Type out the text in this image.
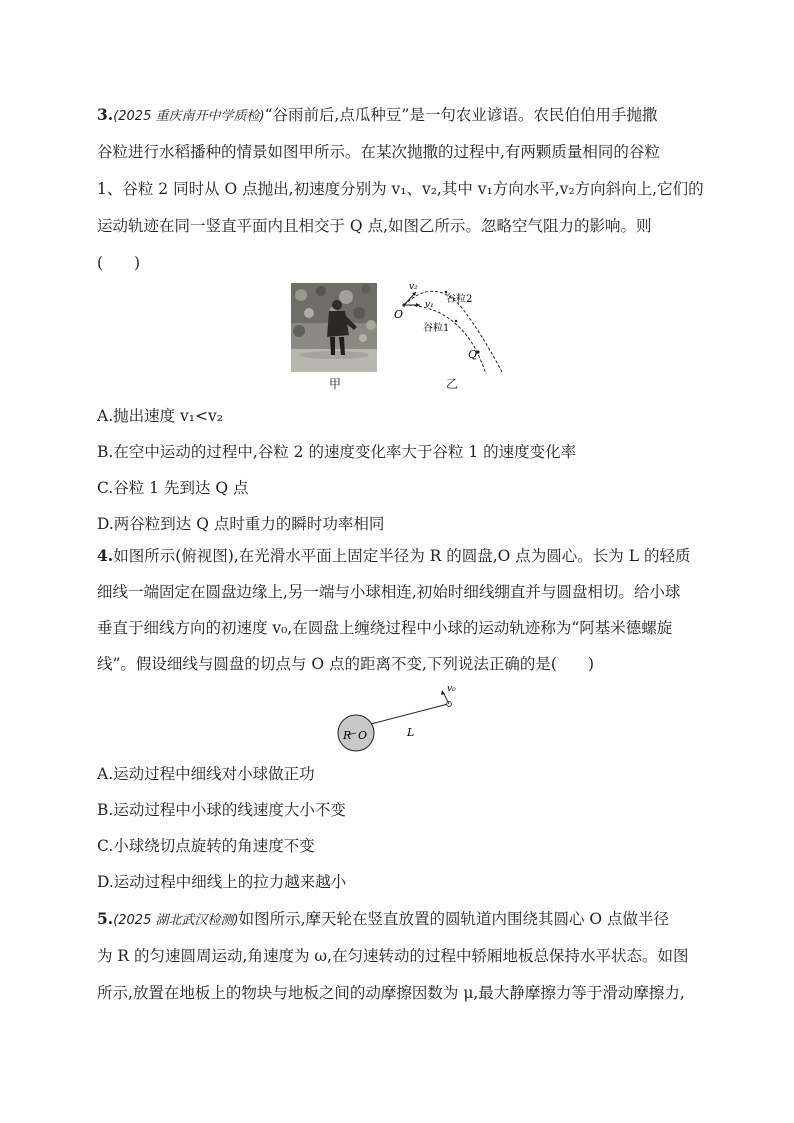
3.(2025 重庆南开中学质检)“谷雨前后,点瓜种豆”是一句农业谚语。农民伯伯用手抛撒
谷粒进行水稻播种的情景如图甲所示。在某次抛撒的过程中,有两颗质量相同的谷粒
1、谷粒 2 同时从 O 点抛出,初速度分别为 v₁、v₂,其中 v₁方向水平,v₂方向斜向上,它们的
运动轨迹在同一竖直平面内且相交于 Q 点,如图乙所示。忽略空气阻力的影响。则
(　　)
甲
v₂
v₁
O
谷粒2
谷粒1
Q
乙
A.抛出速度 v₁<v₂
B.在空中运动的过程中,谷粒 2 的速度变化率大于谷粒 1 的速度变化率
C.谷粒 1 先到达 Q 点
D.两谷粒到达 Q 点时重力的瞬时功率相同
4.如图所示(俯视图),在光滑水平面上固定半径为 R 的圆盘,O 点为圆心。长为 L 的轻质
细线一端固定在圆盘边缘上,另一端与小球相连,初始时细线绷直并与圆盘相切。给小球
垂直于细线方向的初速度 v₀,在圆盘上缠绕过程中小球的运动轨迹称为“阿基米德螺旋
线”。假设细线与圆盘的切点与 O 点的距离不变,下列说法正确的是(　　)
R O	L
v₀
A.运动过程中细线对小球做正功
B.运动过程中小球的线速度大小不变
C.小球绕切点旋转的角速度不变
D.运动过程中细线上的拉力越来越小
5.(2025 湖北武汉检测)如图所示,摩天轮在竖直放置的圆轨道内围绕其圆心 O 点做半径
为 R 的匀速圆周运动,角速度为 ω,在匀速转动的过程中轿厢地板总保持水平状态。如图
所示,放置在地板上的物块与地板之间的动摩擦因数为 μ,最大静摩擦力等于滑动摩擦力,
